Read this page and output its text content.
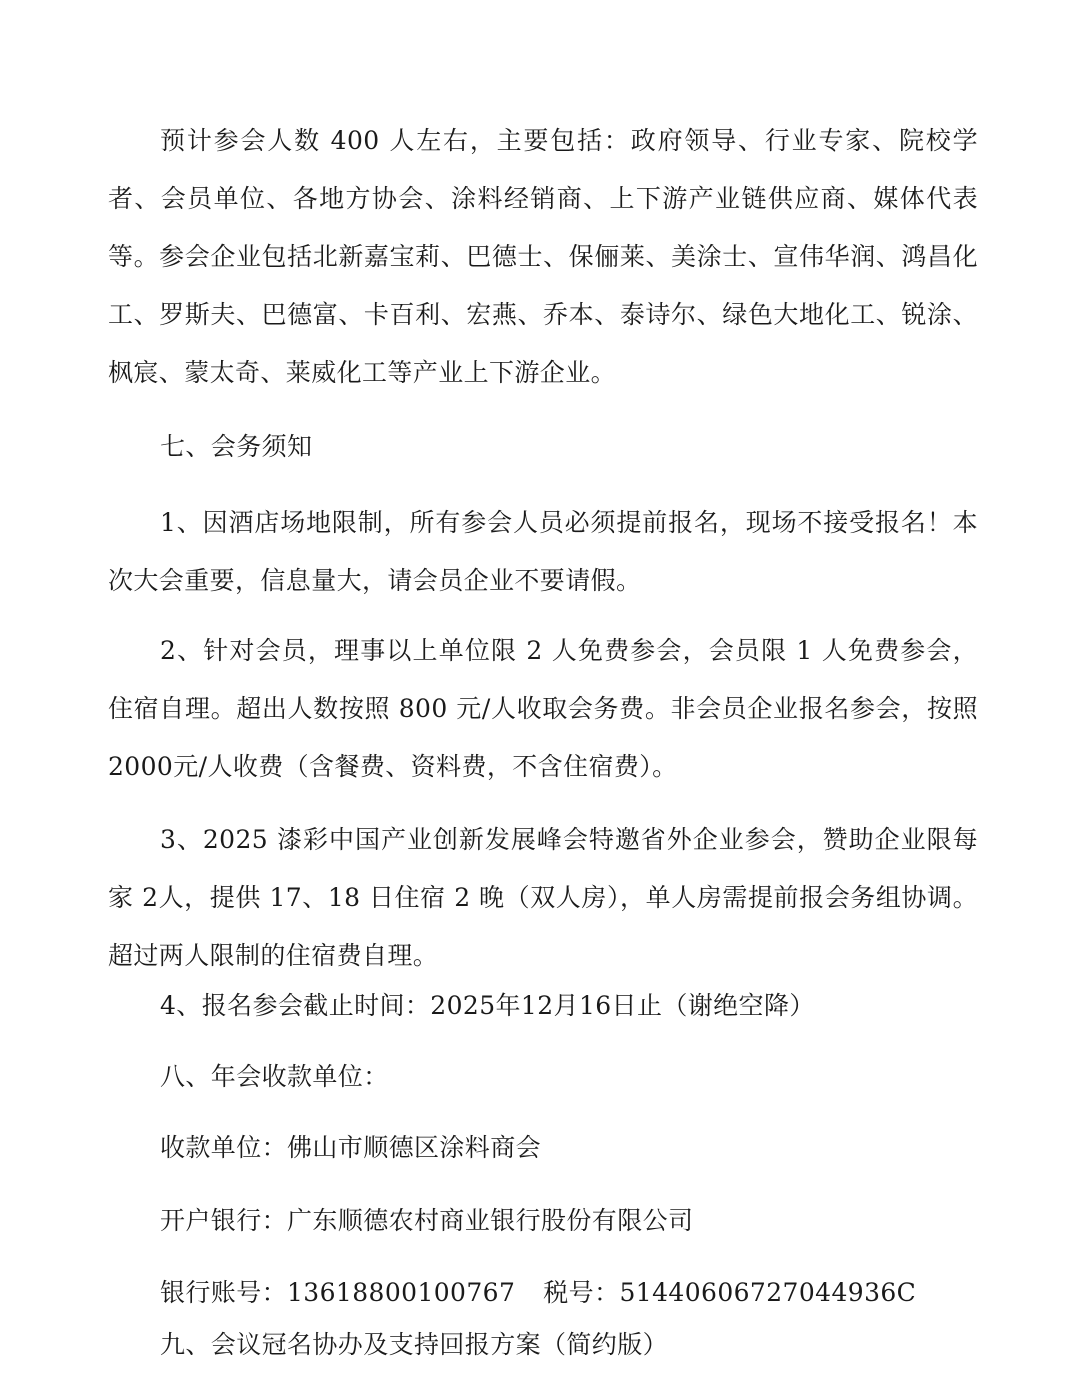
预计参会人数 400 人左右，主要包括：政府领导、行业专家、院校学者、会员单位、各地方协会、涂料经销商、上下游产业链供应商、媒体代表等。参会企业包括北新嘉宝莉、巴德士、保俪莱、美涂士、宣伟华润、鸿昌化工、罗斯夫、巴德富、卡百利、宏燕、乔本、泰诗尔、绿色大地化工、锐涂、枫宸、蒙太奇、莱威化工等产业上下游企业。

七、会务须知

1、因酒店场地限制，所有参会人员必须提前报名，现场不接受报名！本次大会重要，信息量大，请会员企业不要请假。

2、针对会员，理事以上单位限 2 人免费参会，会员限 1 人免费参会，住宿自理。超出人数按照 800 元/人收取会务费。非会员企业报名参会，按照 2000元/人收费（含餐费、资料费，不含住宿费）。

3、2025 漆彩中国产业创新发展峰会特邀省外企业参会，赞助企业限每家 2人，提供 17、18 日住宿 2 晚（双人房），单人房需提前报会务组协调。超过两人限制的住宿费自理。

4、报名参会截止时间：2025年12月16日止（谢绝空降）

八、年会收款单位：

收款单位：佛山市顺德区涂料商会

开户银行：广东顺德农村商业银行股份有限公司

银行账号：13618800100767 税号：51440606727044936C

九、会议冠名协办及支持回报方案（简约版）
